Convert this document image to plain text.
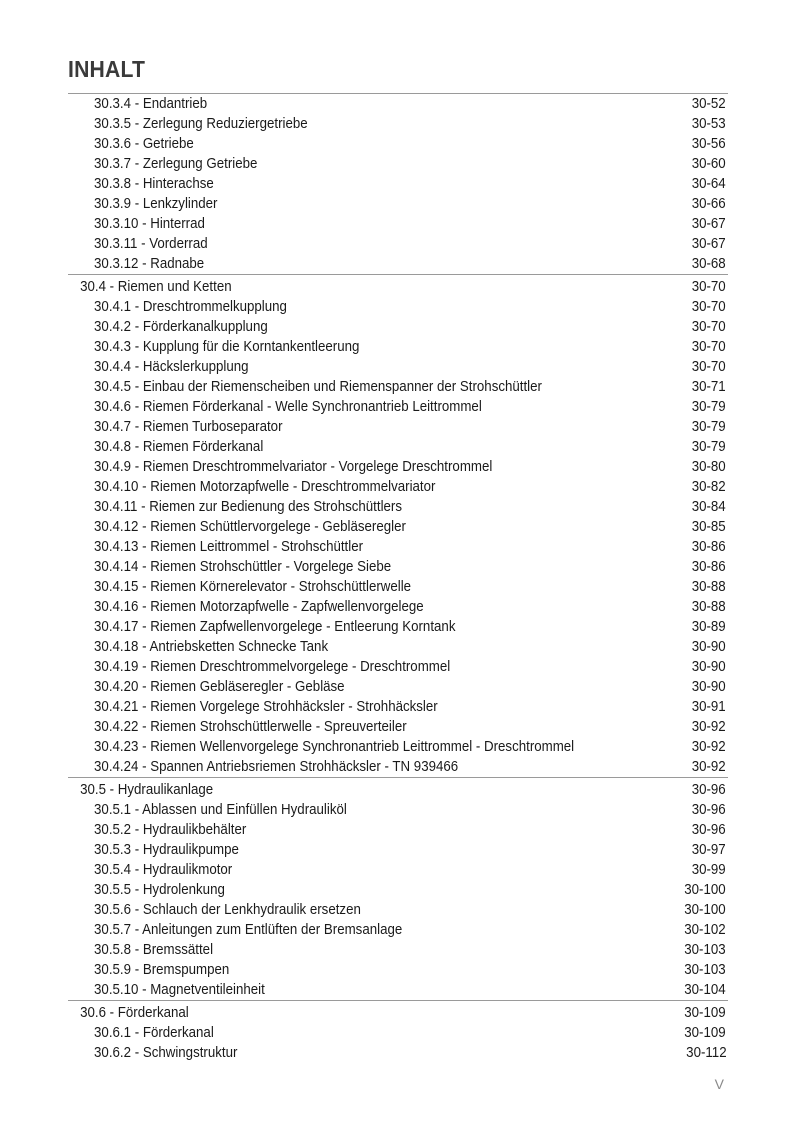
INHALT
30.3.4 - Endantrieb	30-52
30.3.5 - Zerlegung Reduziergetriebe	30-53
30.3.6 - Getriebe	30-56
30.3.7 - Zerlegung Getriebe	30-60
30.3.8 - Hinterachse	30-64
30.3.9 - Lenkzylinder	30-66
30.3.10 - Hinterrad	30-67
30.3.11 - Vorderrad	30-67
30.3.12 - Radnabe	30-68
30.4 - Riemen und Ketten	30-70
30.4.1 - Dreschtrommelkupplung	30-70
30.4.2 - Förderkanalkupplung	30-70
30.4.3 - Kupplung für die Korntankentleerung	30-70
30.4.4 - Häckslerkupplung	30-70
30.4.5 - Einbau der Riemenscheiben und Riemenspanner der Strohschüttler	30-71
30.4.6 - Riemen Förderkanal - Welle Synchronantrieb Leittrommel	30-79
30.4.7 - Riemen Turboseparator	30-79
30.4.8 - Riemen Förderkanal	30-79
30.4.9 - Riemen Dreschtrommelvariator - Vorgelege Dreschtrommel	30-80
30.4.10 - Riemen Motorzapfwelle - Dreschtrommelvariator	30-82
30.4.11 - Riemen zur Bedienung des Strohschüttlers	30-84
30.4.12 - Riemen Schüttlervorgelege - Gebläseregler	30-85
30.4.13 - Riemen Leittrommel - Strohschüttler	30-86
30.4.14 - Riemen Strohschüttler - Vorgelege Siebe	30-86
30.4.15 - Riemen Körnerelevator - Strohschüttlerwelle	30-88
30.4.16 - Riemen Motorzapfwelle - Zapfwellenvorgelege	30-88
30.4.17 - Riemen Zapfwellenvorgelege - Entleerung Korntank	30-89
30.4.18 - Antriebsketten Schnecke Tank	30-90
30.4.19 - Riemen Dreschtrommelvorgelege - Dreschtrommel	30-90
30.4.20 - Riemen Gebläseregler - Gebläse	30-90
30.4.21 - Riemen Vorgelege Strohhäcksler - Strohhäcksler	30-91
30.4.22 - Riemen Strohschüttlerwelle - Spreuverteiler	30-92
30.4.23 - Riemen Wellenvorgelege Synchronantrieb Leittrommel - Dreschtrommel	30-92
30.4.24 - Spannen Antriebsriemen Strohhäcksler - TN 939466	30-92
30.5 - Hydraulikanlage	30-96
30.5.1 - Ablassen und Einfüllen Hydrauliköl	30-96
30.5.2 - Hydraulikbehälter	30-96
30.5.3 - Hydraulikpumpe	30-97
30.5.4 - Hydraulikmotor	30-99
30.5.5 - Hydrolenkung	30-100
30.5.6 - Schlauch der Lenkhydraulik ersetzen	30-100
30.5.7 - Anleitungen zum Entlüften der Bremsanlage	30-102
30.5.8 - Bremssättel	30-103
30.5.9 - Bremspumpen	30-103
30.5.10 - Magnetventileinheit	30-104
30.6 - Förderkanal	30-109
30.6.1 - Förderkanal	30-109
30.6.2 - Schwingstruktur	30-112
V
